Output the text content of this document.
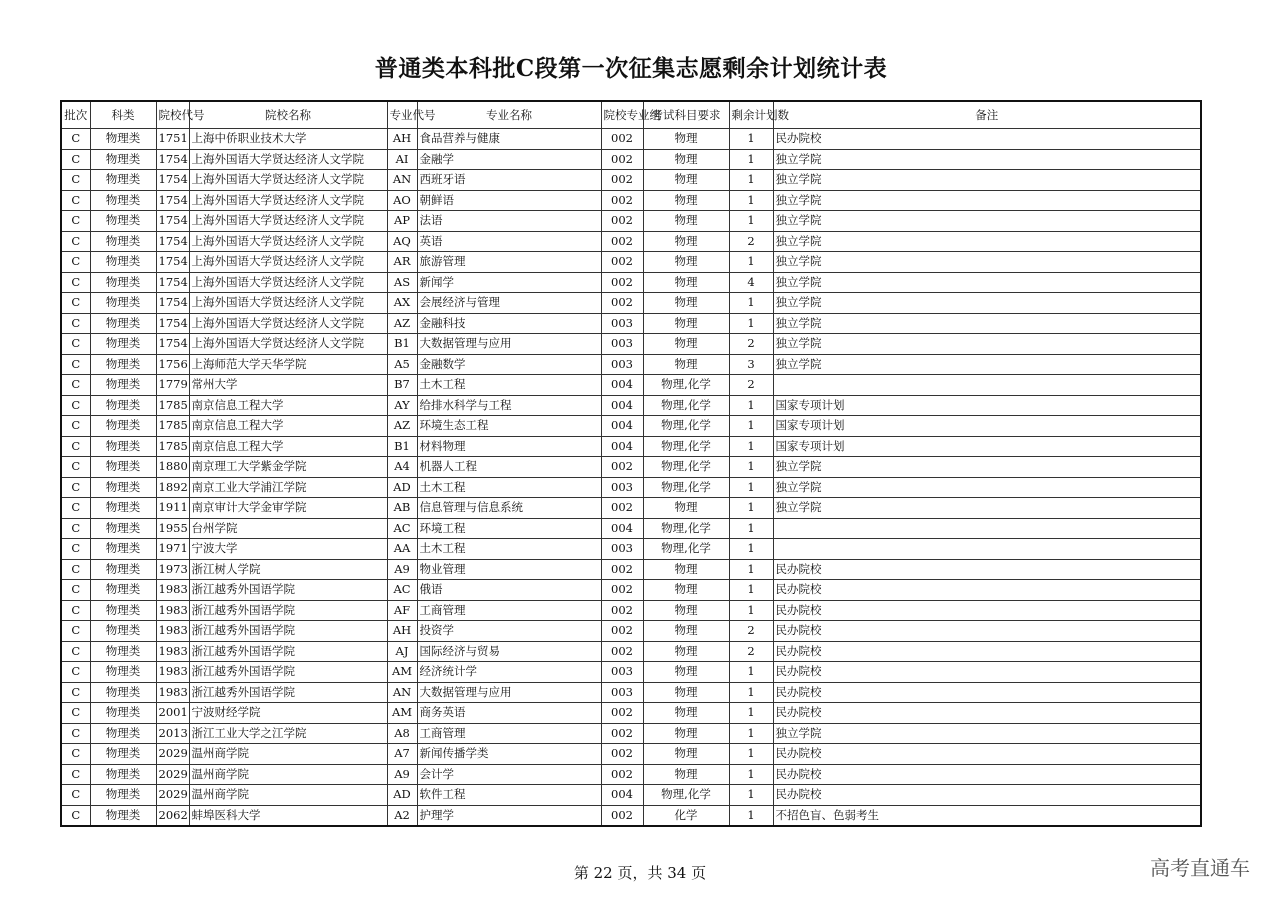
普通类本科批C段第一次征集志愿剩余计划统计表
批次	科类	院校代号	院校名称	专业代号	专业名称	院校专业组	考试科目要求	剩余计划数	备注
C	物理类	1751	上海中侨职业技术大学	AH	食品营养与健康	002	物理	1	民办院校
C	物理类	1754	上海外国语大学贤达经济人文学院	AI	金融学	002	物理	1	独立学院
C	物理类	1754	上海外国语大学贤达经济人文学院	AN	西班牙语	002	物理	1	独立学院
C	物理类	1754	上海外国语大学贤达经济人文学院	AO	朝鲜语	002	物理	1	独立学院
C	物理类	1754	上海外国语大学贤达经济人文学院	AP	法语	002	物理	1	独立学院
C	物理类	1754	上海外国语大学贤达经济人文学院	AQ	英语	002	物理	2	独立学院
C	物理类	1754	上海外国语大学贤达经济人文学院	AR	旅游管理	002	物理	1	独立学院
C	物理类	1754	上海外国语大学贤达经济人文学院	AS	新闻学	002	物理	4	独立学院
C	物理类	1754	上海外国语大学贤达经济人文学院	AX	会展经济与管理	002	物理	1	独立学院
C	物理类	1754	上海外国语大学贤达经济人文学院	AZ	金融科技	003	物理	1	独立学院
C	物理类	1754	上海外国语大学贤达经济人文学院	B1	大数据管理与应用	003	物理	2	独立学院
C	物理类	1756	上海师范大学天华学院	A5	金融数学	003	物理	3	独立学院
C	物理类	1779	常州大学	B7	土木工程	004	物理,化学	2	
C	物理类	1785	南京信息工程大学	AY	给排水科学与工程	004	物理,化学	1	国家专项计划
C	物理类	1785	南京信息工程大学	AZ	环境生态工程	004	物理,化学	1	国家专项计划
C	物理类	1785	南京信息工程大学	B1	材料物理	004	物理,化学	1	国家专项计划
C	物理类	1880	南京理工大学紫金学院	A4	机器人工程	002	物理,化学	1	独立学院
C	物理类	1892	南京工业大学浦江学院	AD	土木工程	003	物理,化学	1	独立学院
C	物理类	1911	南京审计大学金审学院	AB	信息管理与信息系统	002	物理	1	独立学院
C	物理类	1955	台州学院	AC	环境工程	004	物理,化学	1	
C	物理类	1971	宁波大学	AA	土木工程	003	物理,化学	1	
C	物理类	1973	浙江树人学院	A9	物业管理	002	物理	1	民办院校
C	物理类	1983	浙江越秀外国语学院	AC	俄语	002	物理	1	民办院校
C	物理类	1983	浙江越秀外国语学院	AF	工商管理	002	物理	1	民办院校
C	物理类	1983	浙江越秀外国语学院	AH	投资学	002	物理	2	民办院校
C	物理类	1983	浙江越秀外国语学院	AJ	国际经济与贸易	002	物理	2	民办院校
C	物理类	1983	浙江越秀外国语学院	AM	经济统计学	003	物理	1	民办院校
C	物理类	1983	浙江越秀外国语学院	AN	大数据管理与应用	003	物理	1	民办院校
C	物理类	2001	宁波财经学院	AM	商务英语	002	物理	1	民办院校
C	物理类	2013	浙江工业大学之江学院	A8	工商管理	002	物理	1	独立学院
C	物理类	2029	温州商学院	A7	新闻传播学类	002	物理	1	民办院校
C	物理类	2029	温州商学院	A9	会计学	002	物理	1	民办院校
C	物理类	2029	温州商学院	AD	软件工程	004	物理,化学	1	民办院校
C	物理类	2062	蚌埠医科大学	A2	护理学	002	化学	1	不招色盲、色弱考生
第 22 页，共 34 页	高考直通车
